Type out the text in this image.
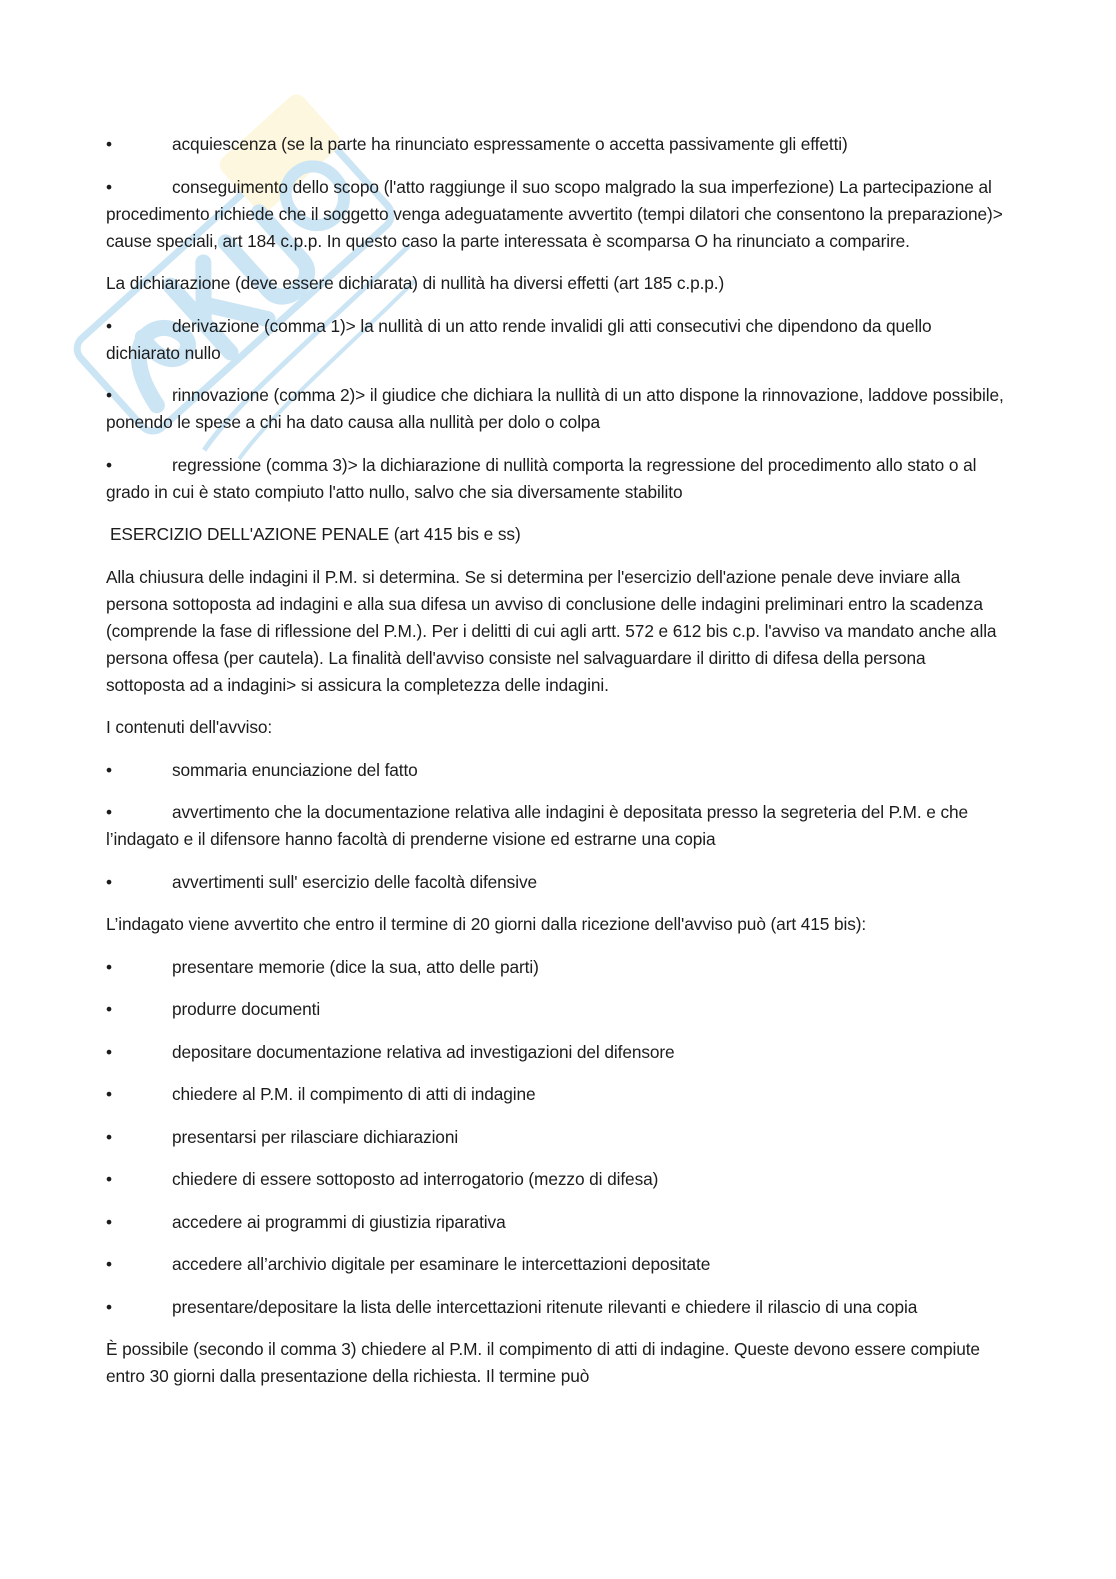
•	acquiescenza (se la parte ha rinunciato espressamente o accetta passivamente gli effetti)

•	conseguimento dello scopo (l'atto raggiunge il suo scopo malgrado la sua imperfezione) La partecipazione al procedimento richiede che il soggetto venga adeguatamente avvertito (tempi dilatori che consentono la preparazione)> cause speciali, art 184 c.p.p. In questo caso la parte interessata è scomparsa O ha rinunciato a comparire.

La dichiarazione (deve essere dichiarata) di nullità ha diversi effetti (art 185 c.p.p.)

•	derivazione (comma 1)> la nullità di un atto rende invalidi gli atti consecutivi che dipendono da quello dichiarato nullo

•	rinnovazione (comma 2)> il giudice che dichiara la nullità di un atto dispone la rinnovazione, laddove possibile, ponendo le spese a chi ha dato causa alla nullità per dolo o colpa

•	regressione (comma 3)> la dichiarazione di nullità comporta la regressione del procedimento allo stato o al grado in cui è stato compiuto l'atto nullo, salvo che sia diversamente stabilito

ESERCIZIO DELL'AZIONE PENALE (art 415 bis e ss)

Alla chiusura delle indagini il P.M. si determina. Se si determina per l'esercizio dell'azione penale deve inviare alla persona sottoposta ad indagini e alla sua difesa un avviso di conclusione delle indagini preliminari entro la scadenza (comprende la fase di riflessione del P.M.). Per i delitti di cui agli artt. 572 e 612 bis c.p. l'avviso va mandato anche alla persona offesa (per cautela). La finalità dell'avviso consiste nel salvaguardare il diritto di difesa della persona sottoposta ad a indagini> si assicura la completezza delle indagini.

I contenuti dell'avviso:

•	sommaria enunciazione del fatto

•	avvertimento che la documentazione relativa alle indagini è depositata presso la segreteria del P.M. e che l’indagato e il difensore hanno facoltà di prenderne visione ed estrarne una copia

•	avvertimenti sull' esercizio delle facoltà difensive

L’indagato viene avvertito che entro il termine di 20 giorni dalla ricezione dell'avviso può (art 415 bis):

•	presentare memorie (dice la sua, atto delle parti)

•	produrre documenti

•	depositare documentazione relativa ad investigazioni del difensore

•	chiedere al P.M. il compimento di atti di indagine

•	presentarsi per rilasciare dichiarazioni

•	chiedere di essere sottoposto ad interrogatorio (mezzo di difesa)

•	accedere ai programmi di giustizia riparativa

•	accedere all’archivio digitale per esaminare le intercettazioni depositate

•	presentare/depositare la lista delle intercettazioni ritenute rilevanti e chiedere il rilascio di una copia

È possibile (secondo il comma 3) chiedere al P.M. il compimento di atti di indagine. Queste devono essere compiute entro 30 giorni dalla presentazione della richiesta. Il termine può
